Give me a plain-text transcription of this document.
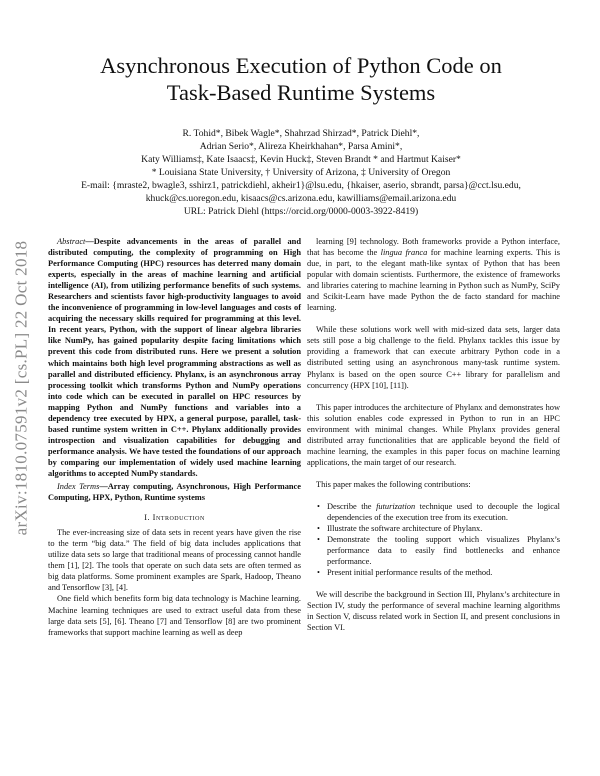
arXiv:1810.07591v2 [cs.PL] 22 Oct 2018
Asynchronous Execution of Python Code on
Task-Based Runtime Systems
R. Tohid*, Bibek Wagle*, Shahrzad Shirzad*, Patrick Diehl*,
Adrian Serio*, Alireza Kheirkhahan*, Parsa Amini*,
Katy Williams‡, Kate Isaacs‡, Kevin Huck‡, Steven Brandt * and Hartmut Kaiser*
* Louisiana State University, † University of Arizona, ‡ University of Oregon
E-mail: {mraste2, bwagle3, sshirz1, patrickdiehl, akheir1}@lsu.edu, {hkaiser, aserio, sbrandt, parsa}@cct.lsu.edu,
khuck@cs.uoregon.edu, kisaacs@cs.arizona.edu, kawilliams@email.arizona.edu
URL: Patrick Diehl (https://orcid.org/0000-0003-3922-8419)

Abstract—Despite advancements in the areas of parallel and distributed computing, the complexity of programming on High Performance Computing (HPC) resources has deterred many domain experts, especially in the areas of machine learning and artificial intelligence (AI), from utilizing performance benefits of such systems. Researchers and scientists favor high-productivity languages to avoid the inconvenience of programming in low-level languages and costs of acquiring the necessary skills required for programming at this level. In recent years, Python, with the support of linear algebra libraries like NumPy, has gained popularity despite facing limitations which prevent this code from distributed runs. Here we present a solution which maintains both high level programming abstractions as well as parallel and distributed efficiency. Phylanx, is an asynchronous array processing toolkit which transforms Python and NumPy operations into code which can be executed in parallel on HPC resources by mapping Python and NumPy functions and variables into a dependency tree executed by HPX, a general purpose, parallel, task-based runtime system written in C++. Phylanx additionally provides introspection and visualization capabilities for debugging and performance analysis. We have tested the foundations of our approach by comparing our implementation of widely used machine learning algorithms to accepted NumPy standards.

Index Terms—Array computing, Asynchronous, High Performance Computing, HPX, Python, Runtime systems

I. Introduction

The ever-increasing size of data sets in recent years have given the rise to the term “big data.” The field of big data includes applications that utilize data sets so large that traditional means of processing cannot handle them [1], [2]. The tools that operate on such data sets are often termed as big data platforms. Some prominent examples are Spark, Hadoop, Theano and Tensorflow [3], [4].

One field which benefits form big data technology is Machine learning. Machine learning techniques are used to extract useful data from these large data sets [5], [6]. Theano [7] and Tensorflow [8] are two prominent frameworks that support machine learning as well as deep

learning [9] technology. Both frameworks provide a Python interface, that has become the lingua franca for machine learning experts. This is due, in part, to the elegant math-like syntax of Python that has been popular with domain scientists. Furthermore, the existence of frameworks and libraries catering to machine learning in Python such as NumPy, SciPy and Scikit-Learn have made Python the de facto standard for machine learning.

While these solutions work well with mid-sized data sets, larger data sets still pose a big challenge to the field. Phylanx tackles this issue by providing a framework that can execute arbitrary Python code in a distributed setting using an asynchronous many-task runtime system. Phylanx is based on the open source C++ library for parallelism and concurrency (HPX [10], [11]).

This paper introduces the architecture of Phylanx and demonstrates how this solution enables code expressed in Python to run in an HPC environment with minimal changes. While Phylanx provides general distributed array functionalities that are applicable beyond the field of machine learning, the examples in this paper focus on machine learning applications, the main target of our research.

This paper makes the following contributions:

• Describe the futurization technique used to decouple the logical dependencies of the execution tree from its execution.
• Illustrate the software architecture of Phylanx.
• Demonstrate the tooling support which visualizes Phylanx’s performance data to easily find bottlenecks and enhance performance.
• Present initial performance results of the method.

We will describe the background in Section III, Phylanx’s architecture in Section IV, study the performance of several machine learning algorithms in Section V, discuss related work in Section II, and present conclusions in Section VI.
